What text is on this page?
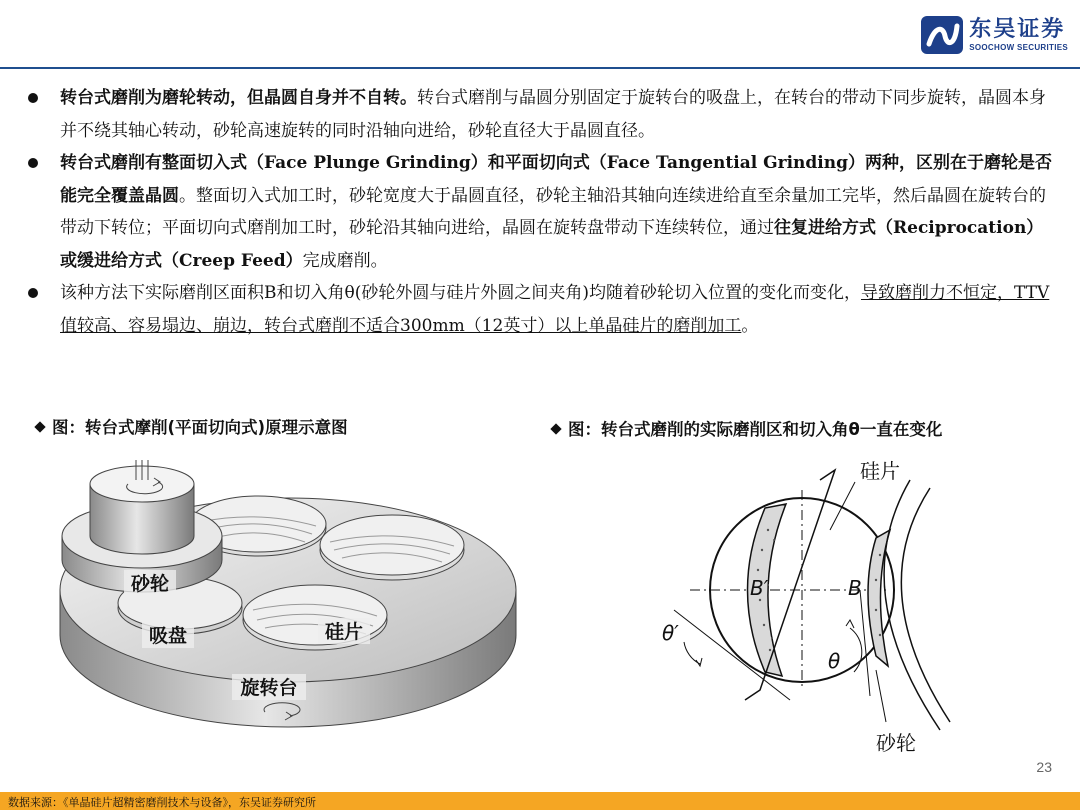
东吴证券
SOOCHOW SECURITIES
转台式磨削为磨轮转动，但晶圆自身并不自转。转台式磨削与晶圆分别固定于旋转台的吸盘上，在转台的带动下同步旋转，晶圆本身并不绕其轴心转动，砂轮高速旋转的同时沿轴向进给，砂轮直径大于晶圆直径。
转台式磨削有整面切入式（Face Plunge Grinding）和平面切向式（Face Tangential Grinding）两种，区别在于磨轮是否能完全覆盖晶圆。整面切入式加工时，砂轮宽度大于晶圆直径，砂轮主轴沿其轴向连续进给直至余量加工完毕，然后晶圆在旋转台的带动下转位；平面切向式磨削加工时，砂轮沿其轴向进给，晶圆在旋转盘带动下连续转位，通过往复进给方式（Reciprocation）或缓进给方式（Creep Feed）完成磨削。
该种方法下实际磨削区面积B和切入角θ(砂轮外圆与硅片外圆之间夹角)均随着砂轮切入位置的变化而变化，导致磨削力不恒定，TTV值较高、容易塌边、崩边，转台式磨削不适合300mm（12英寸）以上单晶硅片的磨削加工。
图：转台式摩削(平面切向式)原理示意图	图：转台式磨削的实际磨削区和切入角θ一直在变化
砂轮
吸盘	硅片
旋转台
硅片
B′	B
θ′
θ
砂轮
23
数据来源：《单晶硅片超精密磨削技术与设备》，东吴证券研究所
